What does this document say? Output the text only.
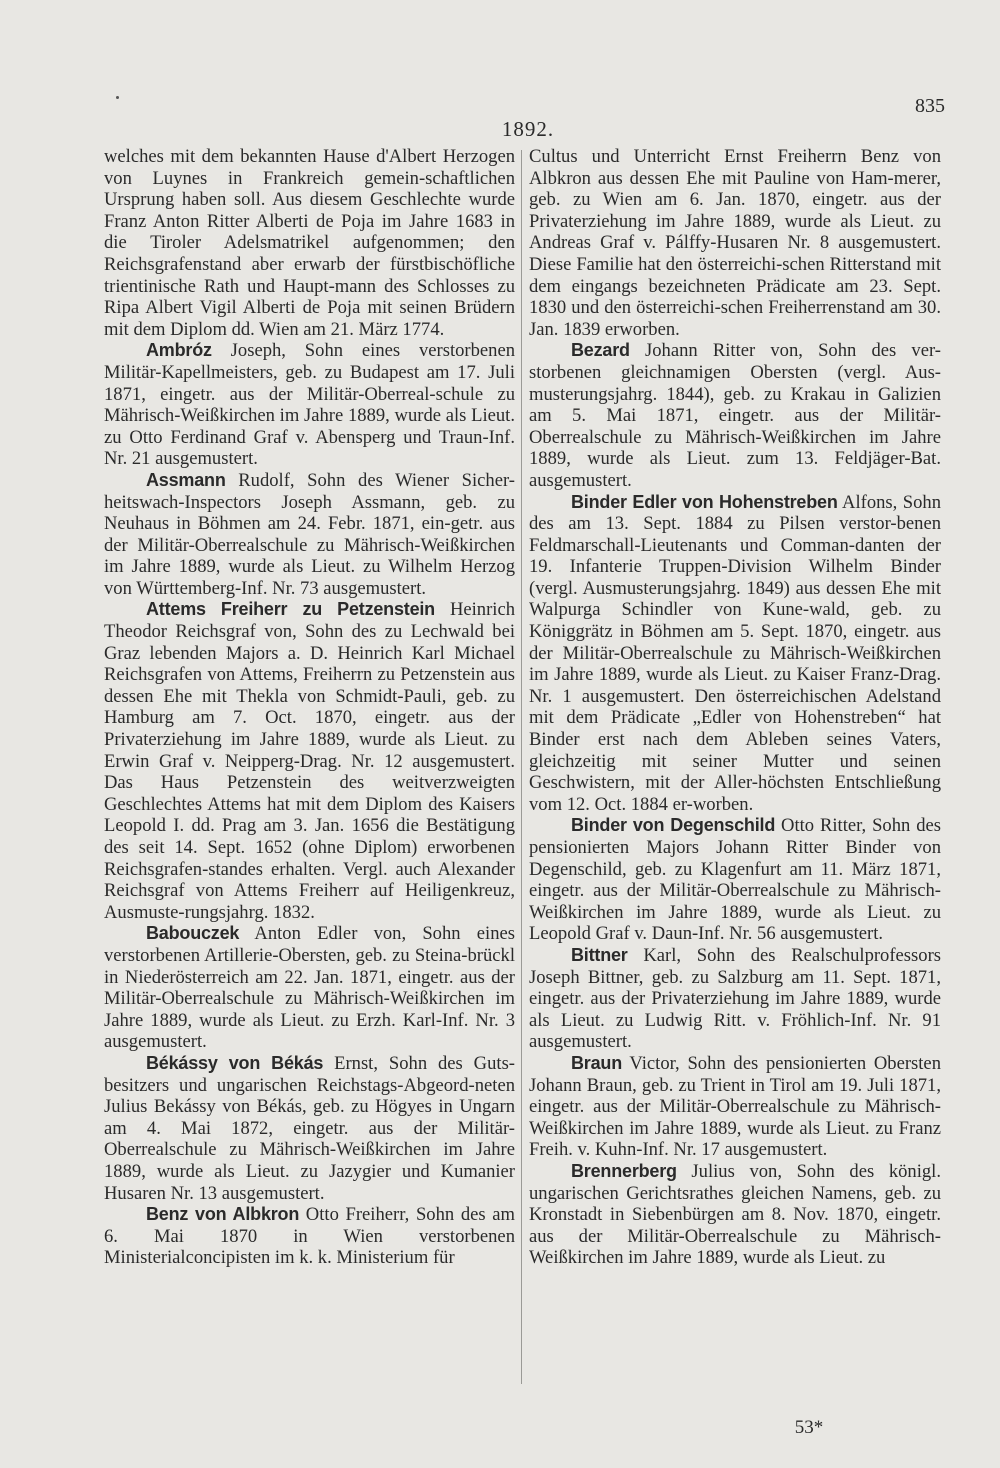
1892.
835

welches mit dem bekannten Hause d'Albert Herzogen von Luynes in Frankreich gemein-schaftlichen Ursprung haben soll. Aus diesem Geschlechte wurde Franz Anton Ritter Alberti de Poja im Jahre 1683 in die Tiroler Adelsmatrikel aufgenommen; den Reichsgrafenstand aber erwarb der fürstbischöfliche trientinische Rath und Haupt-mann des Schlosses zu Ripa Albert Vigil Alberti de Poja mit seinen Brüdern mit dem Diplom dd. Wien am 21. März 1774.

Ambróz Joseph, Sohn eines verstorbenen Militär-Kapellmeisters, geb. zu Budapest am 17. Juli 1871, eingetr. aus der Militär-Oberreal-schule zu Mährisch-Weißkirchen im Jahre 1889, wurde als Lieut. zu Otto Ferdinand Graf v. Abensperg und Traun-Inf. Nr. 21 ausgemustert.

Assmann Rudolf, Sohn des Wiener Sicher-heitswach-Inspectors Joseph Assmann, geb. zu Neuhaus in Böhmen am 24. Febr. 1871, ein-getr. aus der Militär-Oberrealschule zu Mährisch-Weißkirchen im Jahre 1889, wurde als Lieut. zu Wilhelm Herzog von Württemberg-Inf. Nr. 73 ausgemustert.

Attems Freiherr zu Petzenstein Heinrich Theodor Reichsgraf von, Sohn des zu Lechwald bei Graz lebenden Majors a. D. Heinrich Karl Michael Reichsgrafen von Attems, Freiherrn zu Petzenstein aus dessen Ehe mit Thekla von Schmidt-Pauli, geb. zu Hamburg am 7. Oct. 1870, eingetr. aus der Privaterziehung im Jahre 1889, wurde als Lieut. zu Erwin Graf v. Neipperg-Drag. Nr. 12 ausgemustert. Das Haus Petzenstein des weitverzweigten Geschlechtes Attems hat mit dem Diplom des Kaisers Leopold I. dd. Prag am 3. Jan. 1656 die Bestätigung des seit 14. Sept. 1652 (ohne Diplom) erworbenen Reichsgrafen-standes erhalten. Vergl. auch Alexander Reichsgraf von Attems Freiherr auf Heiligenkreuz, Ausmuste-rungsjahrg. 1832.

Babouczek Anton Edler von, Sohn eines verstorbenen Artillerie-Obersten, geb. zu Steina-brückl in Niederösterreich am 22. Jan. 1871, eingetr. aus der Militär-Oberrealschule zu Mährisch-Weißkirchen im Jahre 1889, wurde als Lieut. zu Erzh. Karl-Inf. Nr. 3 ausgemustert.

Békássy von Békás Ernst, Sohn des Guts-besitzers und ungarischen Reichstags-Abgeord-neten Julius Bekássy von Békás, geb. zu Högyes in Ungarn am 4. Mai 1872, eingetr. aus der Militär-Oberrealschule zu Mährisch-Weißkirchen im Jahre 1889, wurde als Lieut. zu Jazygier und Kumanier Husaren Nr. 13 ausgemustert.

Benz von Albkron Otto Freiherr, Sohn des am 6. Mai 1870 in Wien verstorbenen Ministerialconcipisten im k. k. Ministerium für

Cultus und Unterricht Ernst Freiherrn Benz von Albkron aus dessen Ehe mit Pauline von Ham-merer, geb. zu Wien am 6. Jan. 1870, eingetr. aus der Privaterziehung im Jahre 1889, wurde als Lieut. zu Andreas Graf v. Pálffy-Husaren Nr. 8 ausgemustert. Diese Familie hat den österreichi-schen Ritterstand mit dem eingangs bezeichneten Prädicate am 23. Sept. 1830 und den österreichi-schen Freiherrenstand am 30. Jan. 1839 erworben.

Bezard Johann Ritter von, Sohn des ver-storbenen gleichnamigen Obersten (vergl. Aus-musterungsjahrg. 1844), geb. zu Krakau in Galizien am 5. Mai 1871, eingetr. aus der Militär-Oberrealschule zu Mährisch-Weißkirchen im Jahre 1889, wurde als Lieut. zum 13. Feldjäger-Bat. ausgemustert.

Binder Edler von Hohenstreben Alfons, Sohn des am 13. Sept. 1884 zu Pilsen verstor-benen Feldmarschall-Lieutenants und Comman-danten der 19. Infanterie Truppen-Division Wilhelm Binder (vergl. Ausmusterungsjahrg. 1849) aus dessen Ehe mit Walpurga Schindler von Kune-wald, geb. zu Königgrätz in Böhmen am 5. Sept. 1870, eingetr. aus der Militär-Oberrealschule zu Mährisch-Weißkirchen im Jahre 1889, wurde als Lieut. zu Kaiser Franz-Drag. Nr. 1 ausgemustert. Den österreichischen Adelstand mit dem Prädicate „Edler von Hohenstreben“ hat Binder erst nach dem Ableben seines Vaters, gleichzeitig mit seiner Mutter und seinen Geschwistern, mit der Aller-höchsten Entschließung vom 12. Oct. 1884 er-worben.

Binder von Degenschild Otto Ritter, Sohn des pensionierten Majors Johann Ritter Binder von Degenschild, geb. zu Klagenfurt am 11. März 1871, eingetr. aus der Militär-Oberrealschule zu Mährisch-Weißkirchen im Jahre 1889, wurde als Lieut. zu Leopold Graf v. Daun-Inf. Nr. 56 ausgemustert.

Bittner Karl, Sohn des Realschulprofessors Joseph Bittner, geb. zu Salzburg am 11. Sept. 1871, eingetr. aus der Privaterziehung im Jahre 1889, wurde als Lieut. zu Ludwig Ritt. v. Fröhlich-Inf. Nr. 91 ausgemustert.

Braun Victor, Sohn des pensionierten Obersten Johann Braun, geb. zu Trient in Tirol am 19. Juli 1871, eingetr. aus der Militär-Oberrealschule zu Mährisch-Weißkirchen im Jahre 1889, wurde als Lieut. zu Franz Freih. v. Kuhn-Inf. Nr. 17 ausgemustert.

Brennerberg Julius von, Sohn des königl. ungarischen Gerichtsrathes gleichen Namens, geb. zu Kronstadt in Siebenbürgen am 8. Nov. 1870, eingetr. aus der Militär-Oberrealschule zu Mährisch-Weißkirchen im Jahre 1889, wurde als Lieut. zu

53*
